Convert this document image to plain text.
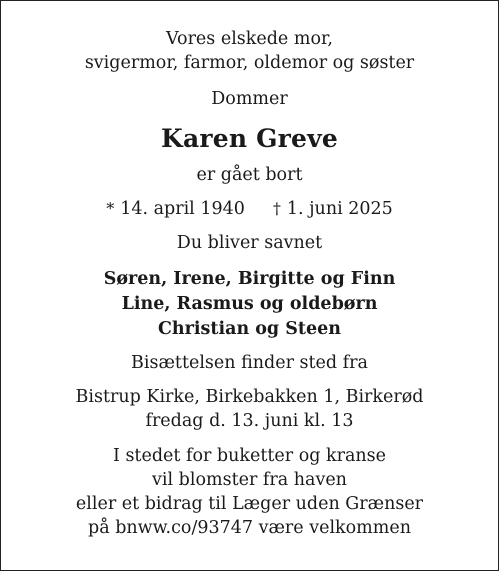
Vores elskede mor,
svigermor, farmor, oldemor og søster
Dommer
Karen Greve
er gået bort
* 14. april 1940 † 1. juni 2025
Du bliver savnet
Søren, Irene, Birgitte og Finn
Line, Rasmus og oldebørn
Christian og Steen
Bisættelsen finder sted fra
Bistrup Kirke, Birkebakken 1, Birkerød
fredag d. 13. juni kl. 13
I stedet for buketter og kranse
vil blomster fra haven
eller et bidrag til Læger uden Grænser
på bnww.co/93747 være velkommen
